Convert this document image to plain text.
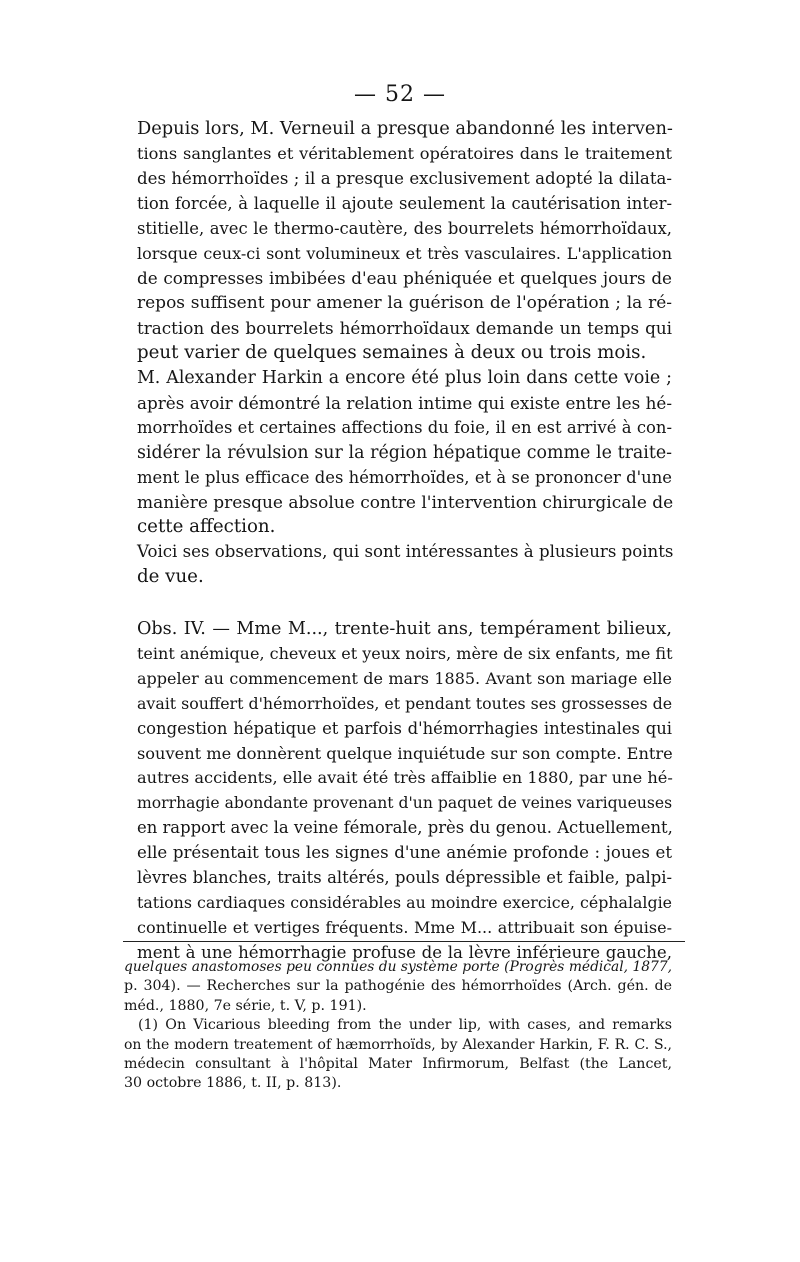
— 52 —
Depuis lors, M. Verneuil a presque abandonné les interven-
tions sanglantes et véritablement opératoires dans le traitement
des hémorrhoïdes ; il a presque exclusivement adopté la dilata-
tion forcée, à laquelle il ajoute seulement la cautérisation inter-
stitielle, avec le thermo-cautère, des bourrelets hémorrhoïdaux,
lorsque ceux-ci sont volumineux et très vasculaires. L'application
de compresses imbibées d'eau phéniquée et quelques jours de
repos suffisent pour amener la guérison de l'opération ; la ré-
traction des bourrelets hémorrhoïdaux demande un temps qui
peut varier de quelques semaines à deux ou trois mois.
M. Alexander Harkin a encore été plus loin dans cette voie ;
après avoir démontré la relation intime qui existe entre les hé-
morrhoïdes et certaines affections du foie, il en est arrivé à con-
sidérer la révulsion sur la région hépatique comme le traite-
ment le plus efficace des hémorrhoïdes, et à se prononcer d'une
manière presque absolue contre l'intervention chirurgicale de
cette affection.
Voici ses observations, qui sont intéressantes à plusieurs points
de vue.
Obs. IV. — Mme M..., trente-huit ans, tempérament bilieux,
teint anémique, cheveux et yeux noirs, mère de six enfants, me fit
appeler au commencement de mars 1885. Avant son mariage elle
avait souffert d'hémorrhoïdes, et pendant toutes ses grossesses de
congestion hépatique et parfois d'hémorrhagies intestinales qui
souvent me donnèrent quelque inquiétude sur son compte. Entre
autres accidents, elle avait été très affaiblie en 1880, par une hé-
morrhagie abondante provenant d'un paquet de veines variqueuses
en rapport avec la veine fémorale, près du genou. Actuellement,
elle présentait tous les signes d'une anémie profonde : joues et
lèvres blanches, traits altérés, pouls dépressible et faible, palpi-
tations cardiaques considérables au moindre exercice, céphalalgie
continuelle et vertiges fréquents. Mme M... attribuait son épuise-
ment à une hémorrhagie profuse de la lèvre inférieure gauche,
quelques anastomoses peu connues du système porte (Progrès médical, 1877,
p. 304). — Recherches sur la pathogénie des hémorrhoïdes (Arch. gén. de
méd., 1880, 7e série, t. V, p. 191).
(1) On Vicarious bleeding from the under lip, with cases, and remarks
on the modern treatement of hæmorrhoïds, by Alexander Harkin, F. R. C. S.,
médecin consultant à l'hôpital Mater Infirmorum, Belfast (the Lancet,
30 octobre 1886, t. II, p. 813).
